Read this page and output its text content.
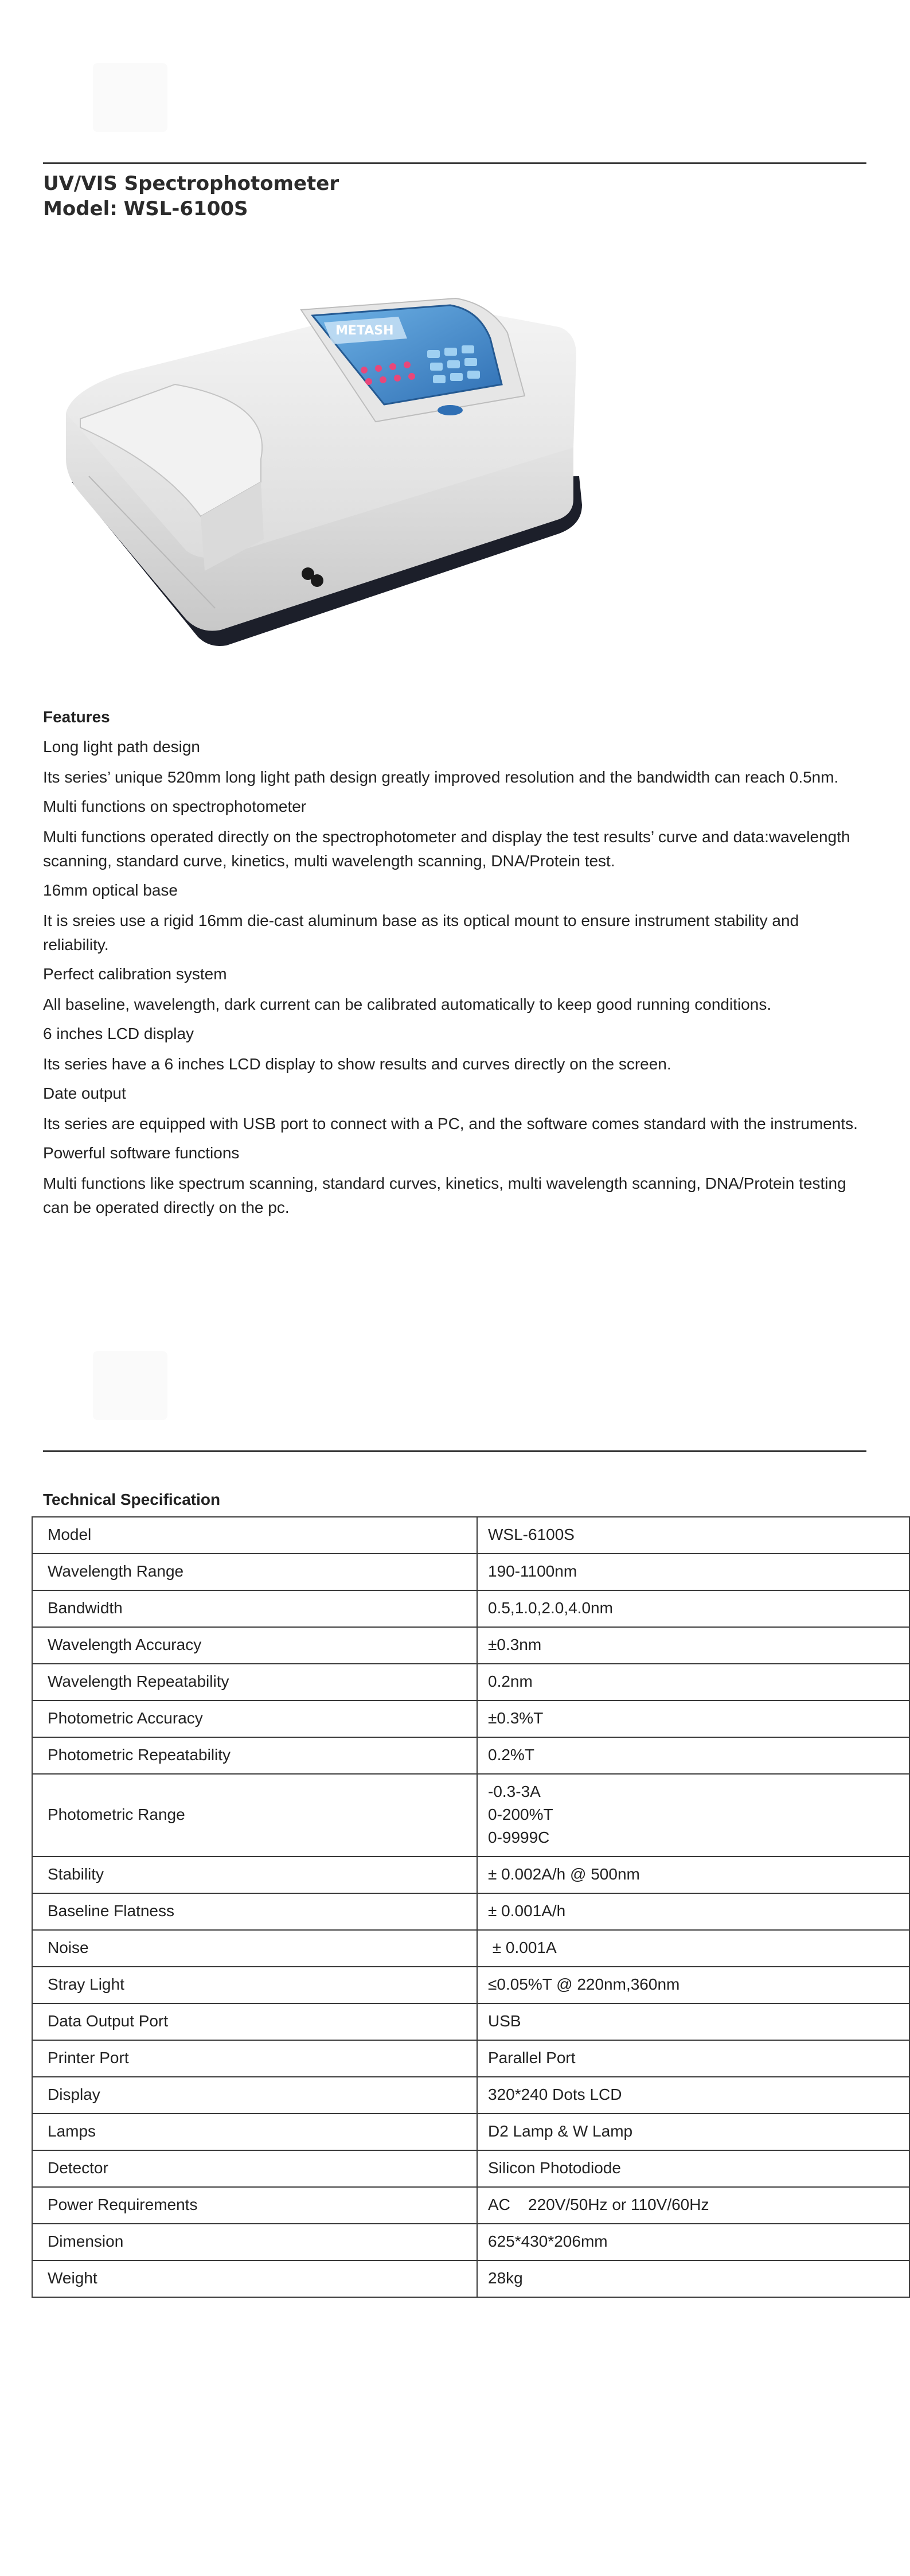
UV/VIS Spectrophotometer
Model: WSL-6100S
METASH
Features
Long light path design
Its series’ unique 520mm long light path design greatly improved resolution and the bandwidth can reach 0.5nm.
Multi functions on spectrophotometer
Multi functions operated directly on the spectrophotometer and display the test results’ curve and data:wavelength scanning, standard curve, kinetics, multi wavelength scanning, DNA/Protein test.
16mm optical base
It is sreies use a rigid 16mm die-cast aluminum base as its optical mount to ensure instrument stability and reliability.
Perfect calibration system
All baseline, wavelength, dark current can be calibrated automatically to keep good running conditions.
6 inches LCD display
Its series have a 6 inches LCD display to show results and curves directly on the screen.
Date output
Its series are equipped with USB port to connect with a PC, and the software comes standard with the instruments.
Powerful software functions
Multi functions like spectrum scanning, standard curves, kinetics, multi wavelength scanning, DNA/Protein testing can be operated directly on the pc.
Technical Specification
Model	WSL-6100S
Wavelength Range	190-1100nm
Bandwidth	0.5,1.0,2.0,4.0nm
Wavelength Accuracy	±0.3nm
Wavelength Repeatability	0.2nm
Photometric Accuracy	±0.3%T
Photometric Repeatability	0.2%T
Photometric Range	-0.3-3A
0-200%T
0-9999C

Stability	± 0.002A/h @ 500nm
Baseline Flatness	± 0.001A/h
Noise	± 0.001A
Stray Light	≤0.05%T @ 220nm,360nm
Data Output Port	USB
Printer Port	Parallel Port
Display	320*240 Dots LCD
Lamps	D2 Lamp & W Lamp
Detector	Silicon Photodiode
Power Requirements	AC    220V/50Hz or 110V/60Hz
Dimension	625*430*206mm
Weight	28kg
